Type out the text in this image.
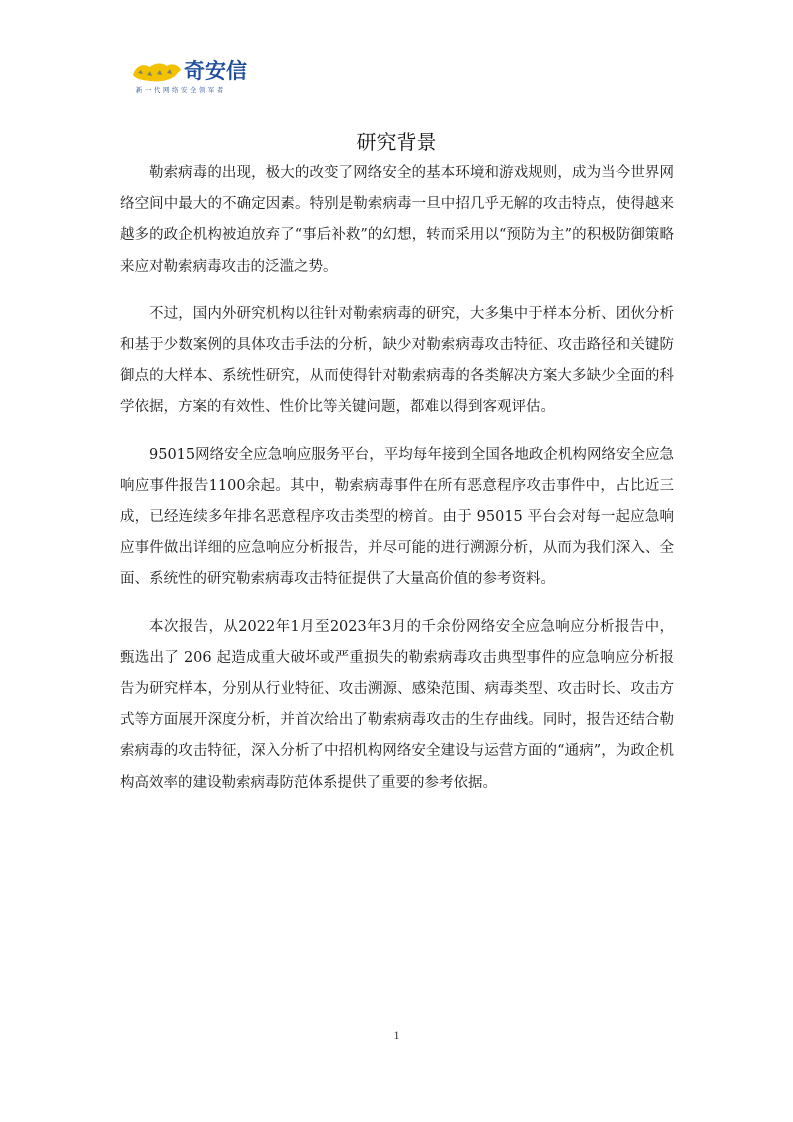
奇安信
新一代网络安全领军者
研究背景

勒索病毒的出现，极大的改变了网络安全的基本环境和游戏规则，成为当今世界网络空间中最大的不确定因素。特别是勒索病毒一旦中招几乎无解的攻击特点，使得越来越多的政企机构被迫放弃了“事后补救”的幻想，转而采用以“预防为主”的积极防御策略来应对勒索病毒攻击的泛滥之势。

不过，国内外研究机构以往针对勒索病毒的研究，大多集中于样本分析、团伙分析和基于少数案例的具体攻击手法的分析，缺少对勒索病毒攻击特征、攻击路径和关键防御点的大样本、系统性研究，从而使得针对勒索病毒的各类解决方案大多缺少全面的科学依据，方案的有效性、性价比等关键问题，都难以得到客观评估。

95015网络安全应急响应服务平台，平均每年接到全国各地政企机构网络安全应急响应事件报告1100余起。其中，勒索病毒事件在所有恶意程序攻击事件中，占比近三成，已经连续多年排名恶意程序攻击类型的榜首。由于 95015 平台会对每一起应急响应事件做出详细的应急响应分析报告，并尽可能的进行溯源分析，从而为我们深入、全面、系统性的研究勒索病毒攻击特征提供了大量高价值的参考资料。

本次报告，从2022年1月至2023年3月的千余份网络安全应急响应分析报告中，甄选出了 206 起造成重大破坏或严重损失的勒索病毒攻击典型事件的应急响应分析报告为研究样本，分别从行业特征、攻击溯源、感染范围、病毒类型、攻击时长、攻击方式等方面展开深度分析，并首次给出了勒索病毒攻击的生存曲线。同时，报告还结合勒索病毒的攻击特征，深入分析了中招机构网络安全建设与运营方面的“通病”，为政企机构高效率的建设勒索病毒防范体系提供了重要的参考依据。

1
